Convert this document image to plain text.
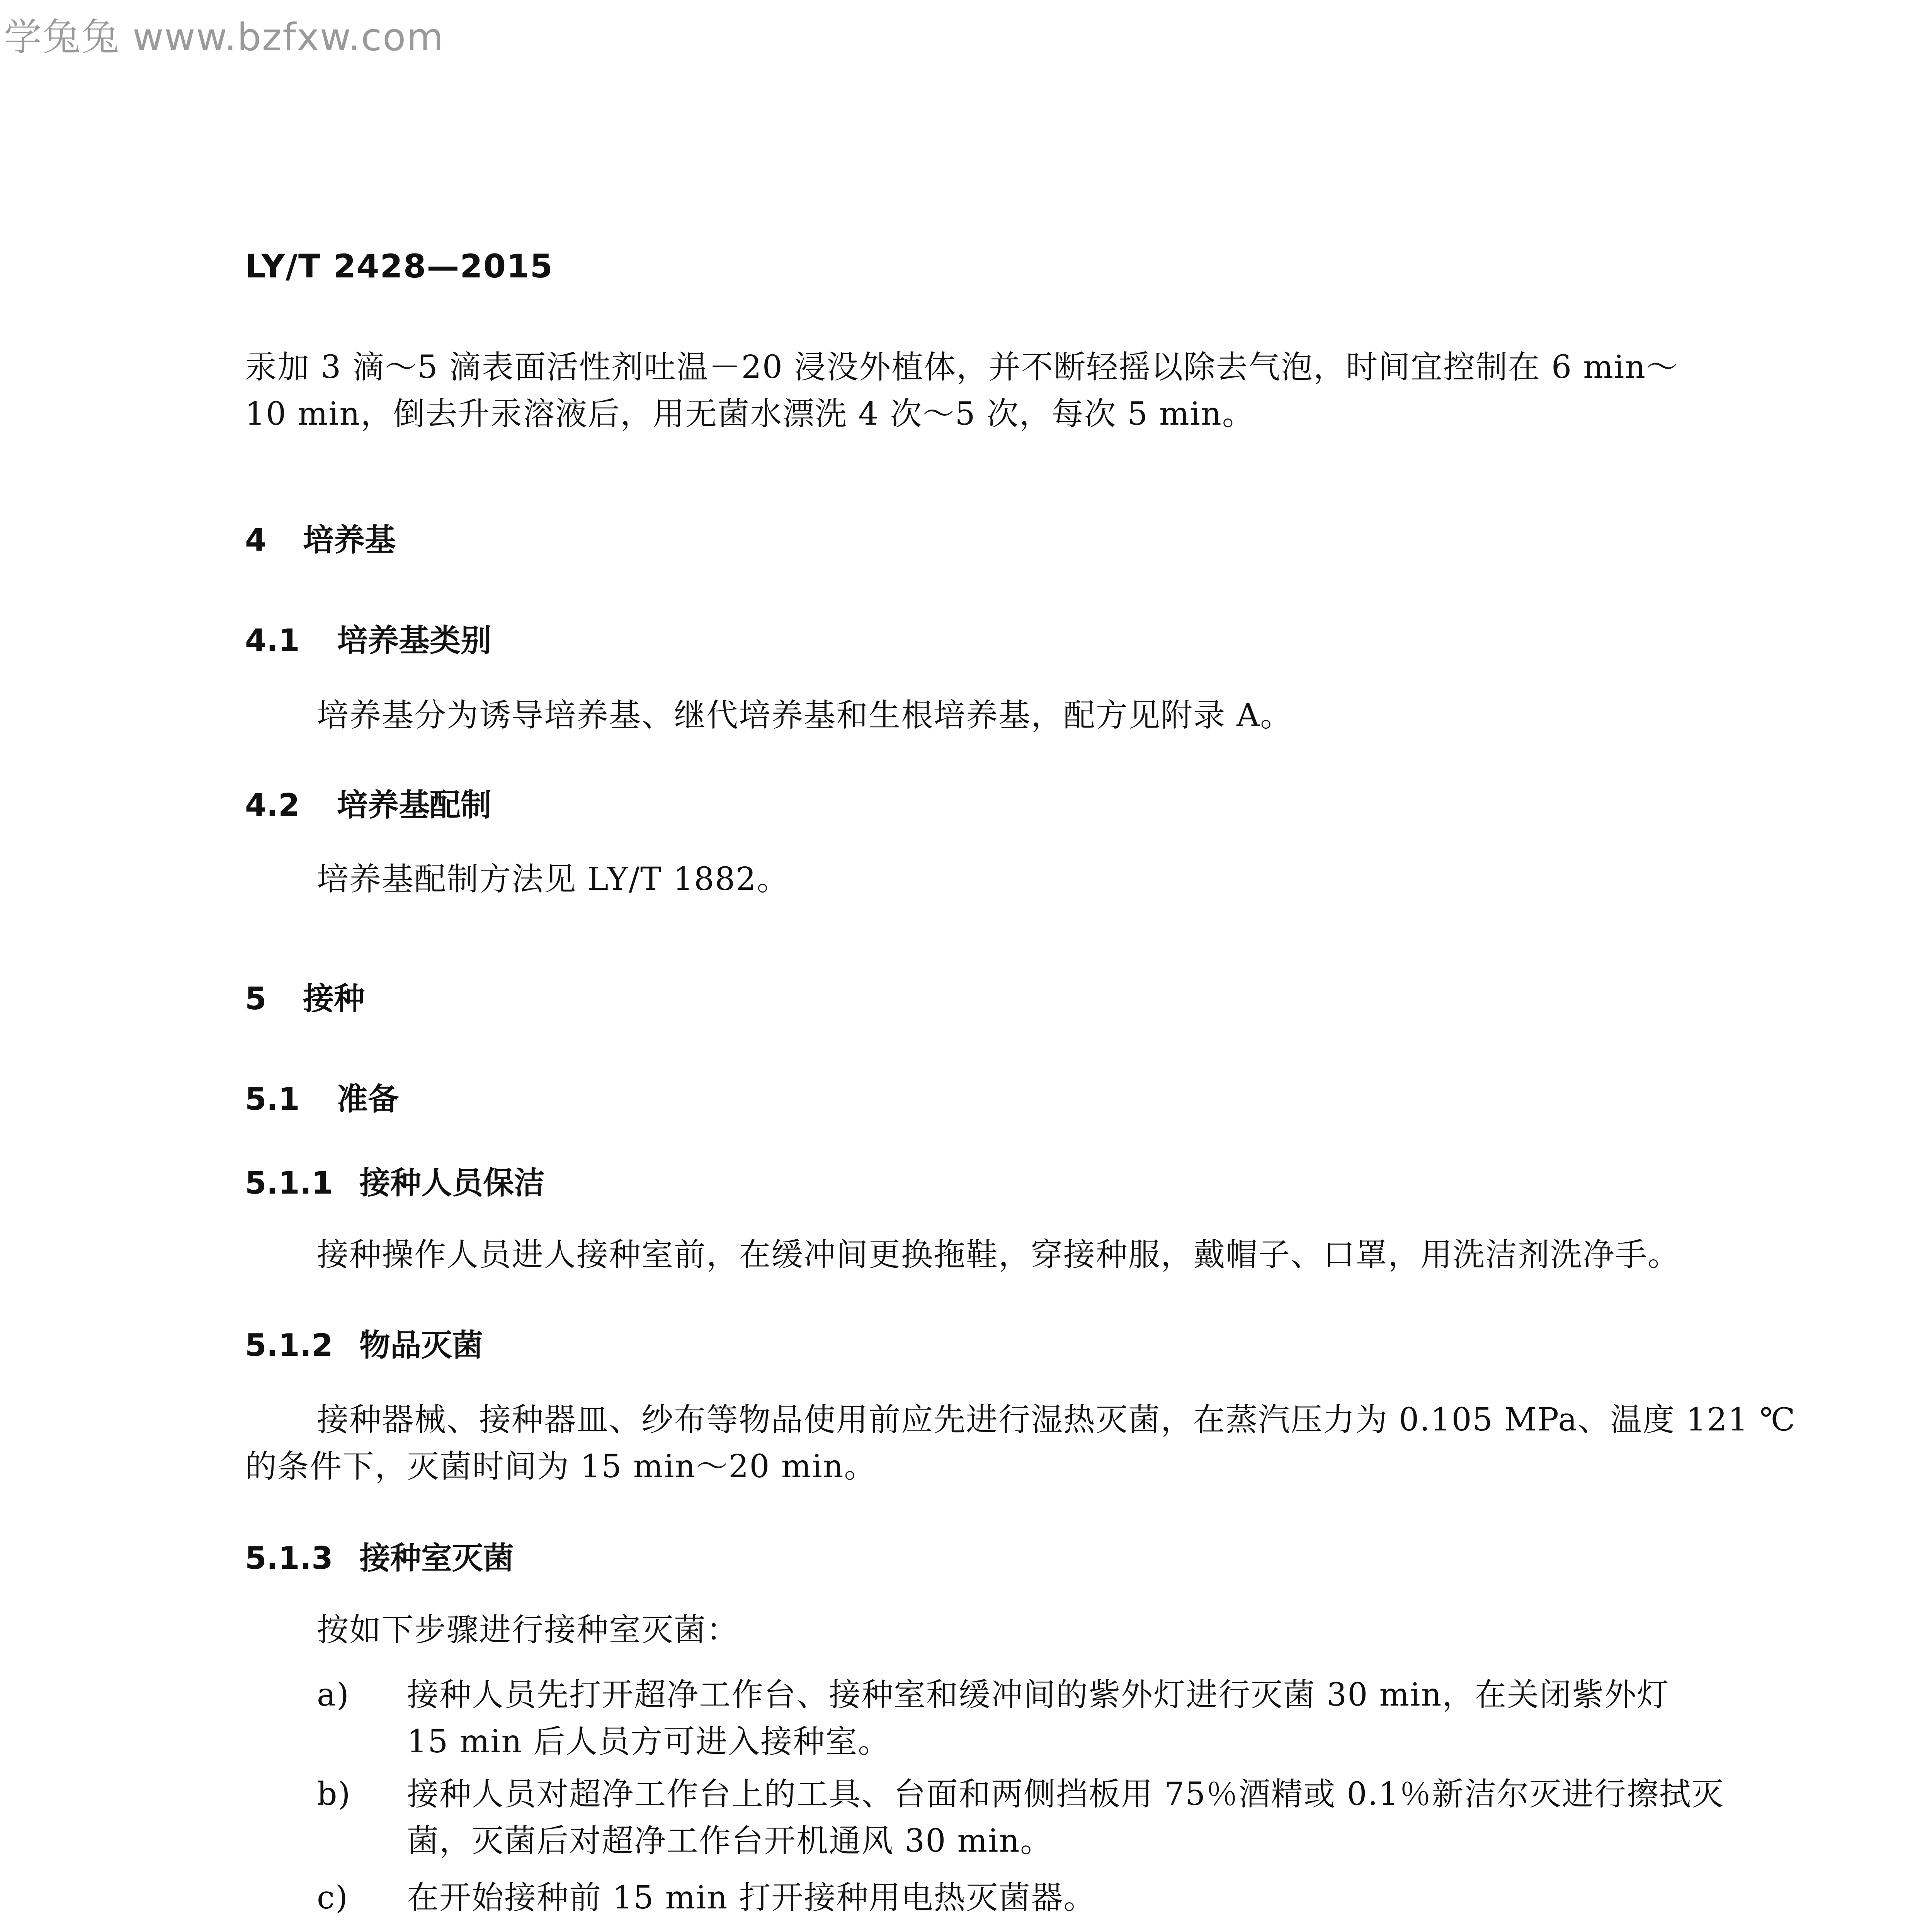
学兔兔 www.bzfxw.com
LY/T 2428—2015
汞加 3 滴～5 滴表面活性剂吐温－20 浸没外植体，并不断轻摇以除去气泡，时间宜控制在 6 min～
10 min，倒去升汞溶液后，用无菌水漂洗 4 次～5 次，每次 5 min。
4 培养基
4.1 培养基类别
培养基分为诱导培养基、继代培养基和生根培养基，配方见附录 A。
4.2 培养基配制
培养基配制方法见 LY/T 1882。
5 接种
5.1 准备
5.1.1 接种人员保洁
接种操作人员进人接种室前，在缓冲间更换拖鞋，穿接种服，戴帽子、口罩，用洗洁剂洗净手。
5.1.2 物品灭菌
接种器械、接种器皿、纱布等物品使用前应先进行湿热灭菌，在蒸汽压力为 0.105 MPa、温度 121 ℃
的条件下，灭菌时间为 15 min～20 min。
5.1.3 接种室灭菌
按如下步骤进行接种室灭菌：
a) 接种人员先打开超净工作台、接种室和缓冲间的紫外灯进行灭菌 30 min，在关闭紫外灯
15 min 后人员方可进入接种室。
b) 接种人员对超净工作台上的工具、台面和两侧挡板用 75％酒精或 0.1％新洁尔灭进行擦拭灭
菌，灭菌后对超净工作台开机通风 30 min。
c) 在开始接种前 15 min 打开接种用电热灭菌器。
